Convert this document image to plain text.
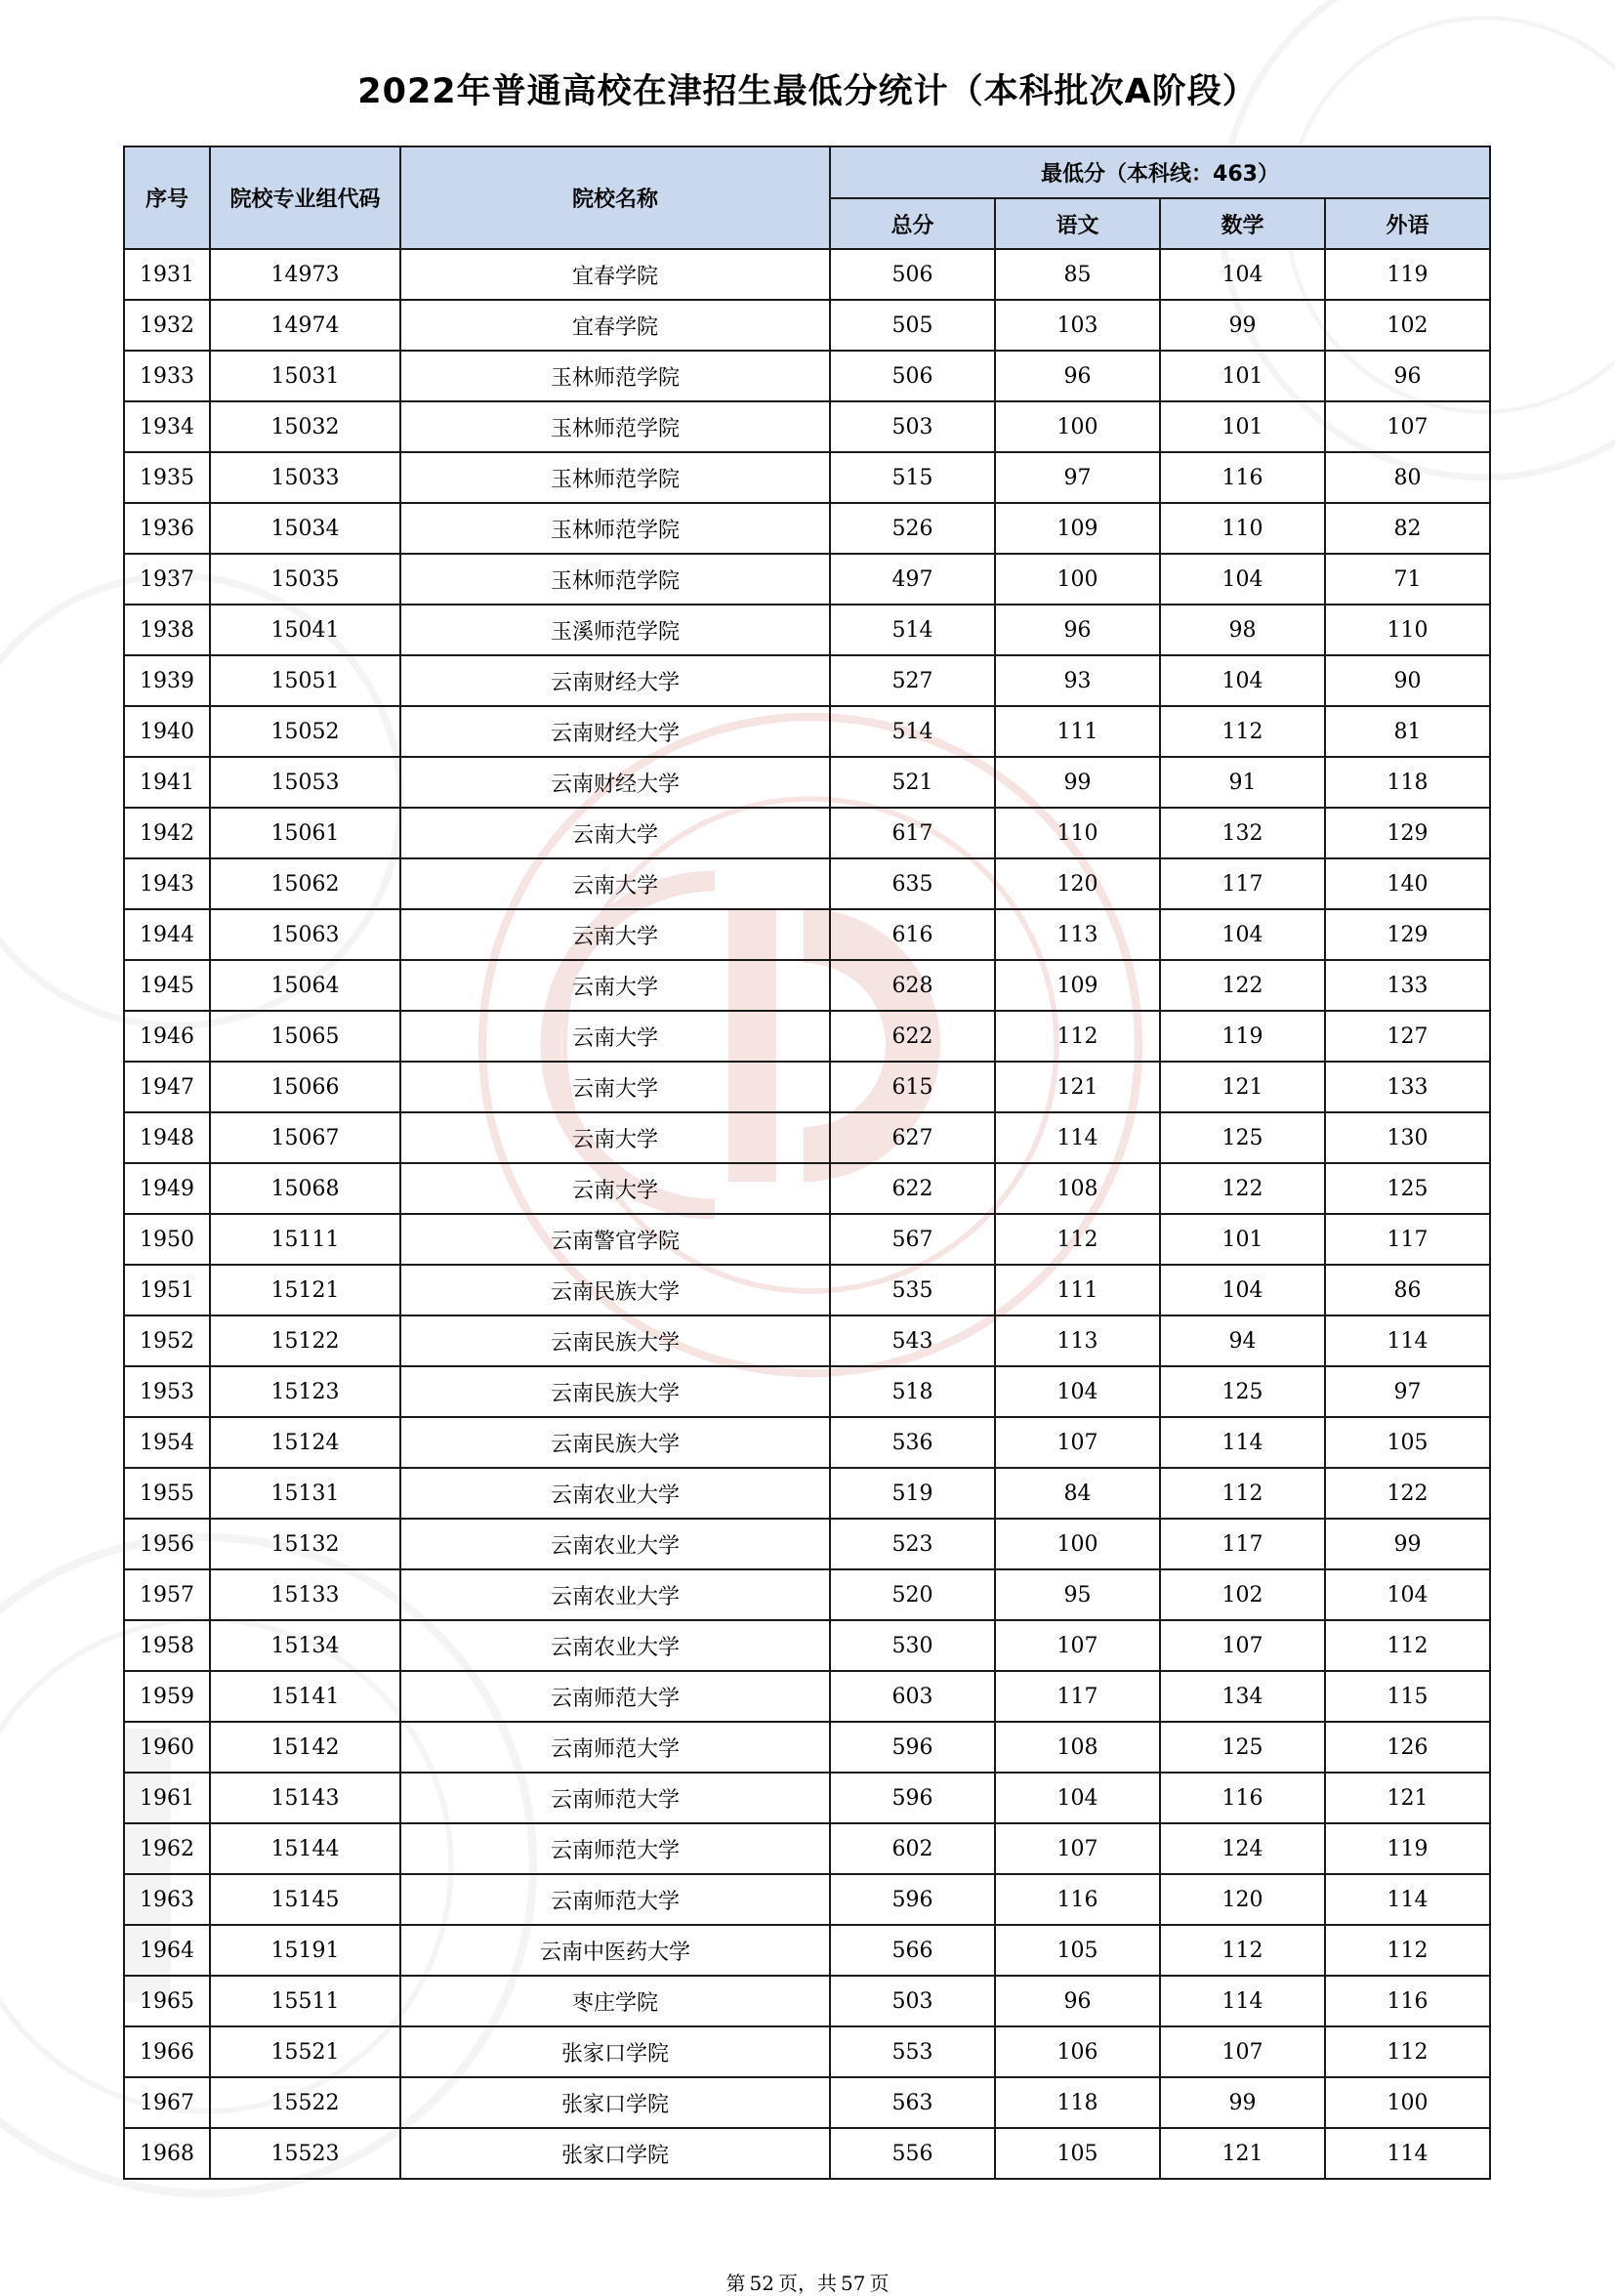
2022年普通高校在津招生最低分统计（本科批次A阶段）
序号	院校专业组代码	院校名称	最低分（本科线：463）			
			总分	语文	数学	外语
1931	14973	宜春学院	506	85	104	119
1932	14974	宜春学院	505	103	99	102
1933	15031	玉林师范学院	506	96	101	96
1934	15032	玉林师范学院	503	100	101	107
1935	15033	玉林师范学院	515	97	116	80
1936	15034	玉林师范学院	526	109	110	82
1937	15035	玉林师范学院	497	100	104	71
1938	15041	玉溪师范学院	514	96	98	110
1939	15051	云南财经大学	527	93	104	90
1940	15052	云南财经大学	514	111	112	81
1941	15053	云南财经大学	521	99	91	118
1942	15061	云南大学	617	110	132	129
1943	15062	云南大学	635	120	117	140
1944	15063	云南大学	616	113	104	129
1945	15064	云南大学	628	109	122	133
1946	15065	云南大学	622	112	119	127
1947	15066	云南大学	615	121	121	133
1948	15067	云南大学	627	114	125	130
1949	15068	云南大学	622	108	122	125
1950	15111	云南警官学院	567	112	101	117
1951	15121	云南民族大学	535	111	104	86
1952	15122	云南民族大学	543	113	94	114
1953	15123	云南民族大学	518	104	125	97
1954	15124	云南民族大学	536	107	114	105
1955	15131	云南农业大学	519	84	112	122
1956	15132	云南农业大学	523	100	117	99
1957	15133	云南农业大学	520	95	102	104
1958	15134	云南农业大学	530	107	107	112
1959	15141	云南师范大学	603	117	134	115
1960	15142	云南师范大学	596	108	125	126
1961	15143	云南师范大学	596	104	116	121
1962	15144	云南师范大学	602	107	124	119
1963	15145	云南师范大学	596	116	120	114
1964	15191	云南中医药大学	566	105	112	112
1965	15511	枣庄学院	503	96	114	116
1966	15521	张家口学院	553	106	107	112
1967	15522	张家口学院	563	118	99	100
1968	15523	张家口学院	556	105	121	114
第 52 页，共 57 页
